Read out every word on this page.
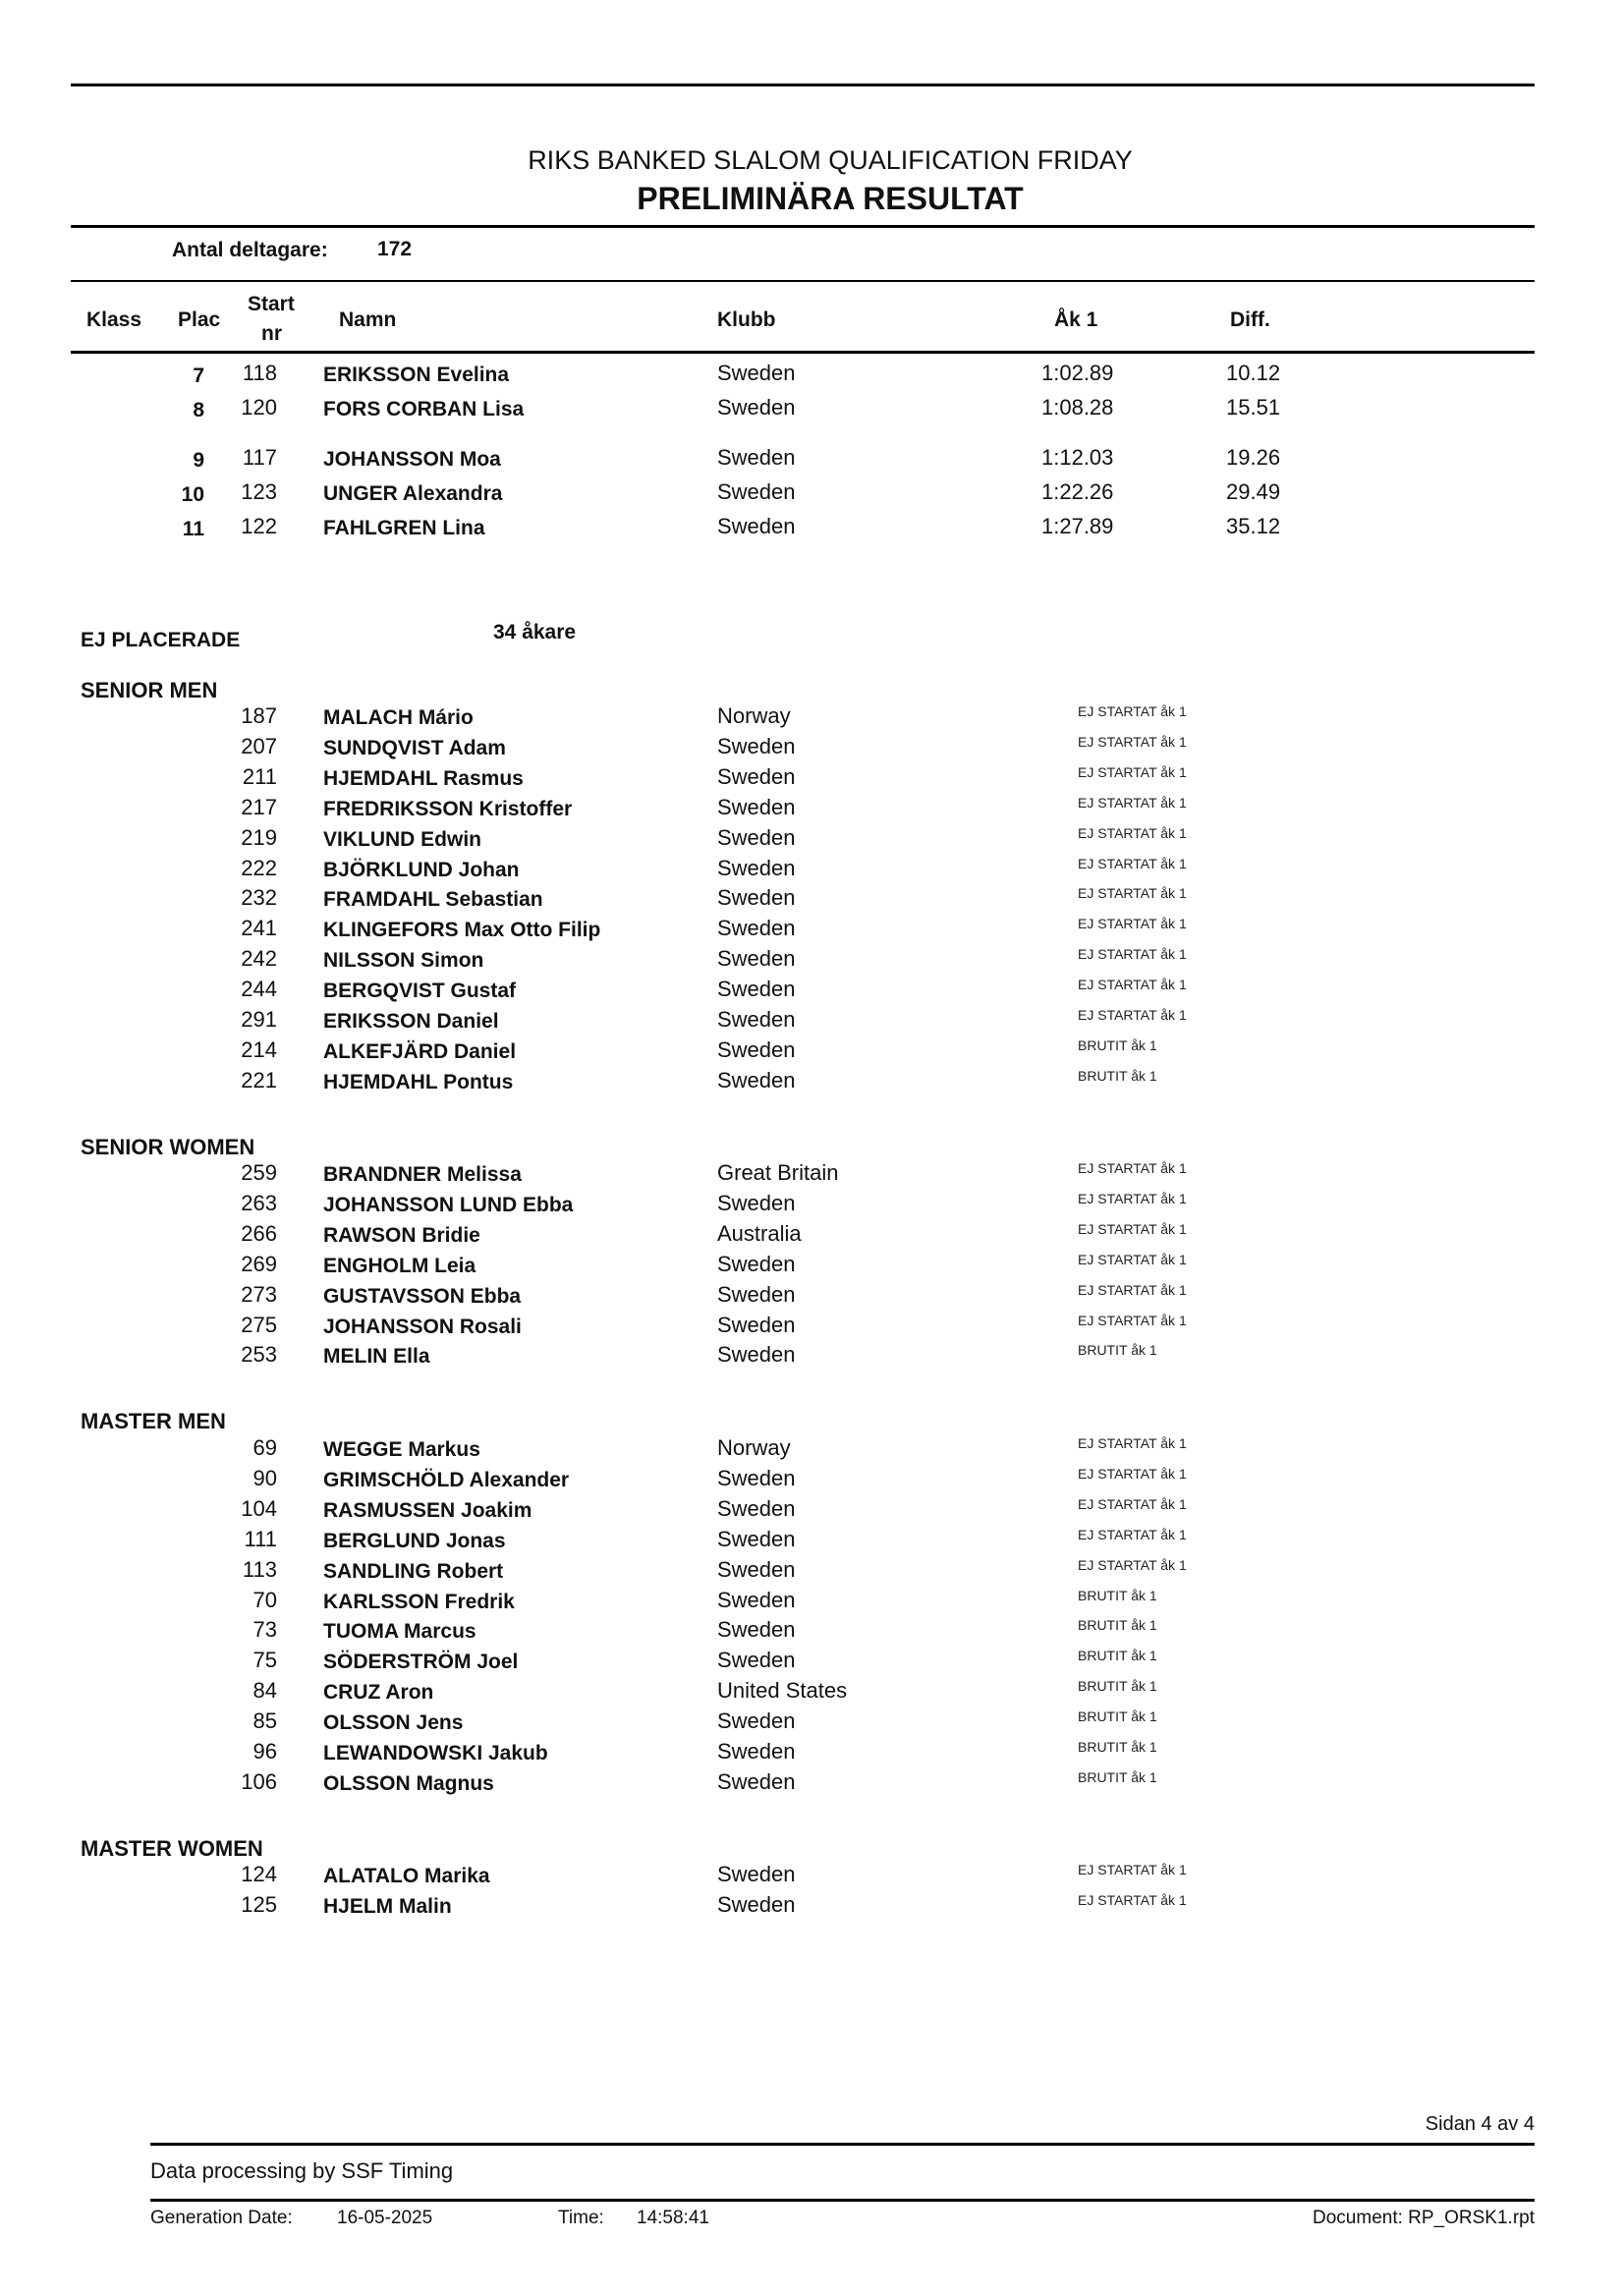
RIKS BANKED SLALOM QUALIFICATION FRIDAY
PRELIMINÄRA RESULTAT
Antal deltagare: 172
Klass Plac
Start
nr
Namn	Klubb	Åk 1	Diff.
7	118 ERIKSSON Evelina	Sweden	1:02.89	10.12
8	120 FORS CORBAN Lisa	Sweden	1:08.28	15.51
9	117 JOHANSSON Moa	Sweden	1:12.03	19.26
10	123 UNGER Alexandra	Sweden	1:22.26	29.49
11	122 FAHLGREN Lina	Sweden	1:27.89	35.12
EJ PLACERADE	34 åkare
SENIOR MEN
187 MALACH Mário	Norway	EJ STARTAT åk 1
207 SUNDQVIST Adam	Sweden	EJ STARTAT åk 1
211 HJEMDAHL Rasmus	Sweden	EJ STARTAT åk 1
217 FREDRIKSSON Kristoffer	Sweden	EJ STARTAT åk 1
219 VIKLUND Edwin	Sweden	EJ STARTAT åk 1
222 BJÖRKLUND Johan	Sweden	EJ STARTAT åk 1
232 FRAMDAHL Sebastian	Sweden	EJ STARTAT åk 1
241 KLINGEFORS Max Otto Filip	Sweden	EJ STARTAT åk 1
242 NILSSON Simon	Sweden	EJ STARTAT åk 1
244 BERGQVIST Gustaf	Sweden	EJ STARTAT åk 1
291 ERIKSSON Daniel	Sweden	EJ STARTAT åk 1
214 ALKEFJÄRD Daniel	Sweden	BRUTIT åk 1
221 HJEMDAHL Pontus	Sweden	BRUTIT åk 1
SENIOR WOMEN
259 BRANDNER Melissa	Great Britain	EJ STARTAT åk 1
263 JOHANSSON LUND Ebba	Sweden	EJ STARTAT åk 1
266 RAWSON Bridie	Australia	EJ STARTAT åk 1
269 ENGHOLM Leia	Sweden	EJ STARTAT åk 1
273 GUSTAVSSON Ebba	Sweden	EJ STARTAT åk 1
275 JOHANSSON Rosali	Sweden	EJ STARTAT åk 1
253 MELIN Ella	Sweden	BRUTIT åk 1
MASTER MEN
69 WEGGE Markus	Norway	EJ STARTAT åk 1
90 GRIMSCHÖLD Alexander	Sweden	EJ STARTAT åk 1
104 RASMUSSEN Joakim	Sweden	EJ STARTAT åk 1
111 BERGLUND Jonas	Sweden	EJ STARTAT åk 1
113 SANDLING Robert	Sweden	EJ STARTAT åk 1
70 KARLSSON Fredrik	Sweden	BRUTIT åk 1
73 TUOMA Marcus	Sweden	BRUTIT åk 1
75 SÖDERSTRÖM Joel	Sweden	BRUTIT åk 1
84 CRUZ Aron	United States	BRUTIT åk 1
85 OLSSON Jens	Sweden	BRUTIT åk 1
96 LEWANDOWSKI Jakub	Sweden	BRUTIT åk 1
106 OLSSON Magnus	Sweden	BRUTIT åk 1
MASTER WOMEN
124 ALATALO Marika	Sweden	EJ STARTAT åk 1
125 HJELM Malin	Sweden	EJ STARTAT åk 1
Sidan 4 av 4
Data processing by SSF Timing
Generation Date: 16-05-2025	Time: 14:58:41	Document: RP_ORSK1.rpt
